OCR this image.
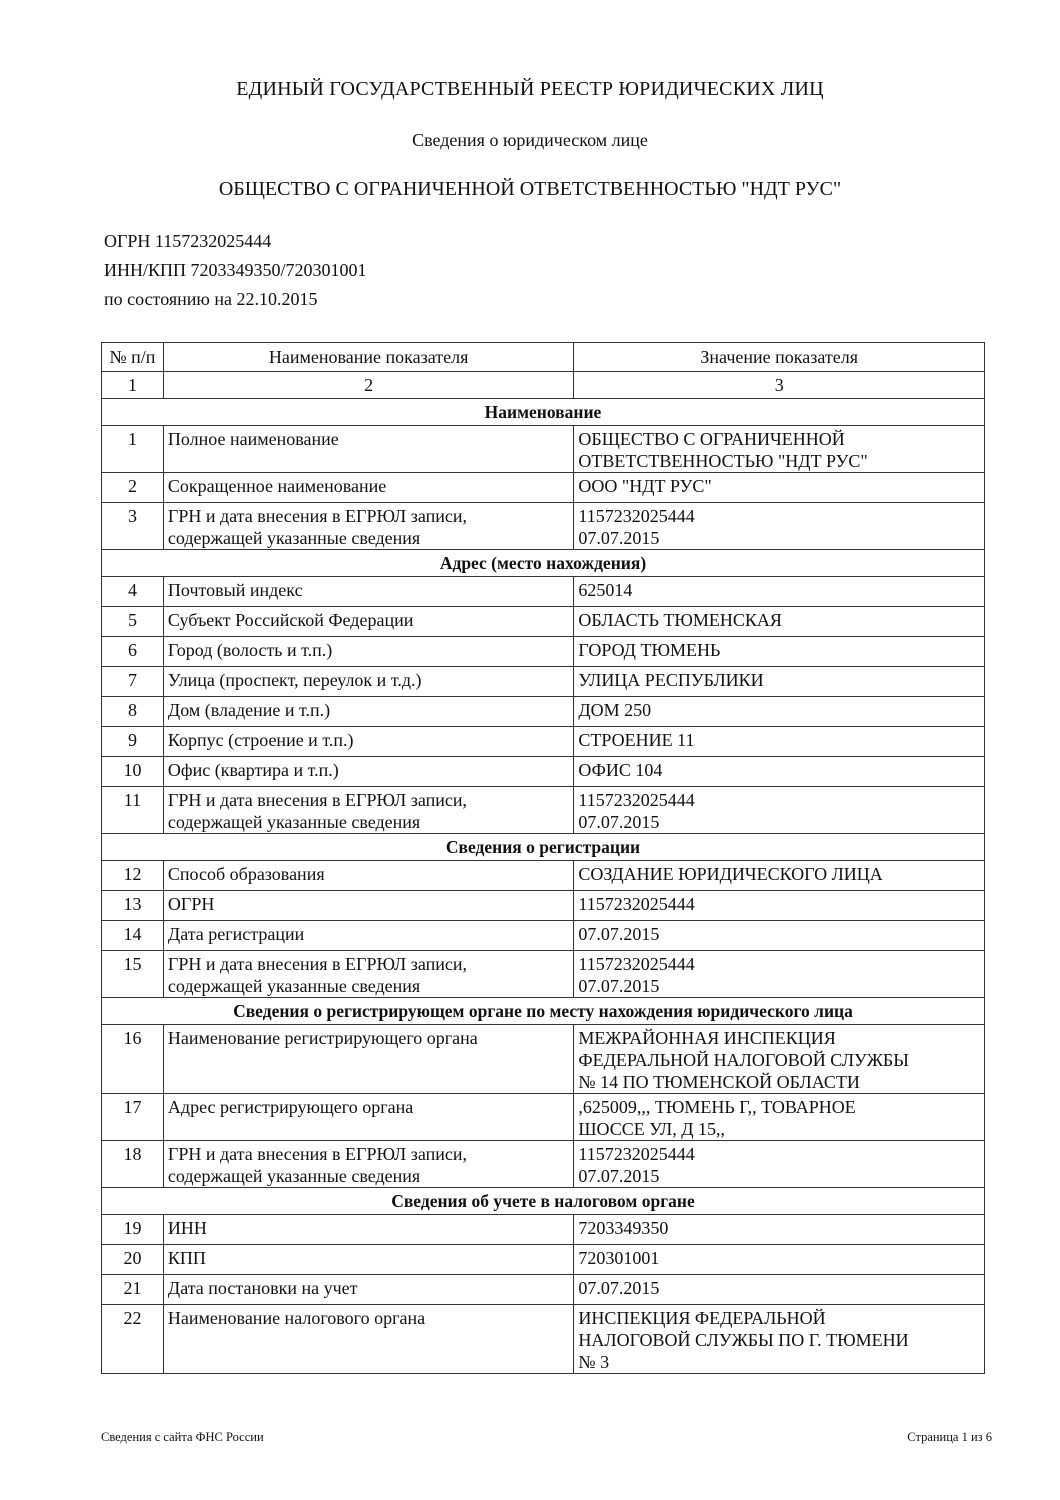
ЕДИНЫЙ ГОСУДАРСТВЕННЫЙ РЕЕСТР ЮРИДИЧЕСКИХ ЛИЦ
Сведения о юридическом лице
ОБЩЕСТВО С ОГРАНИЧЕННОЙ ОТВЕТСТВЕННОСТЬЮ "НДТ РУС"
ОГРН 1157232025444
ИНН/КПП 7203349350/720301001
по состоянию на 22.10.2015
№ п/п	Наименование показателя	Значение показателя
1	2	3
Наименование		
1	Полное наименование	ОБЩЕСТВО С ОГРАНИЧЕННОЙ
ОТВЕТСТВЕННОСТЬЮ "НДТ РУС"
2	Сокращенное наименование	ООО "НДТ РУС"
3	ГРН и дата внесения в ЕГРЮЛ записи,
содержащей указанные сведения	1157232025444
07.07.2015
Адрес (место нахождения)		
4	Почтовый индекс	625014
5	Субъект Российской Федерации	ОБЛАСТЬ ТЮМЕНСКАЯ
6	Город (волость и т.п.)	ГОРОД ТЮМЕНЬ
7	Улица (проспект, переулок и т.д.)	УЛИЦА РЕСПУБЛИКИ
8	Дом (владение и т.п.)	ДОМ 250
9	Корпус (строение и т.п.)	СТРОЕНИЕ 11
10	Офис (квартира и т.п.)	ОФИС 104
11	ГРН и дата внесения в ЕГРЮЛ записи,
содержащей указанные сведения	1157232025444
07.07.2015
Сведения о регистрации		
12	Способ образования	СОЗДАНИЕ ЮРИДИЧЕСКОГО ЛИЦА
13	ОГРН	1157232025444
14	Дата регистрации	07.07.2015
15	ГРН и дата внесения в ЕГРЮЛ записи,
содержащей указанные сведения	1157232025444
07.07.2015
Сведения о регистрирующем органе по месту нахождения юридического лица		
16	Наименование регистрирующего органа	МЕЖРАЙОННАЯ ИНСПЕКЦИЯ
ФЕДЕРАЛЬНОЙ НАЛОГОВОЙ СЛУЖБЫ
№ 14 ПО ТЮМЕНСКОЙ ОБЛАСТИ
17	Адрес регистрирующего органа	,625009,,, ТЮМЕНЬ Г,, ТОВАРНОЕ
ШОССЕ УЛ, Д 15,,
18	ГРН и дата внесения в ЕГРЮЛ записи,
содержащей указанные сведения	1157232025444
07.07.2015
Сведения об учете в налоговом органе		
19	ИНН	7203349350
20	КПП	720301001
21	Дата постановки на учет	07.07.2015
22	Наименование налогового органа	ИНСПЕКЦИЯ ФЕДЕРАЛЬНОЙ
НАЛОГОВОЙ СЛУЖБЫ ПО Г. ТЮМЕНИ
№ 3
Сведения с сайта ФНС России	Страница 1 из 6
